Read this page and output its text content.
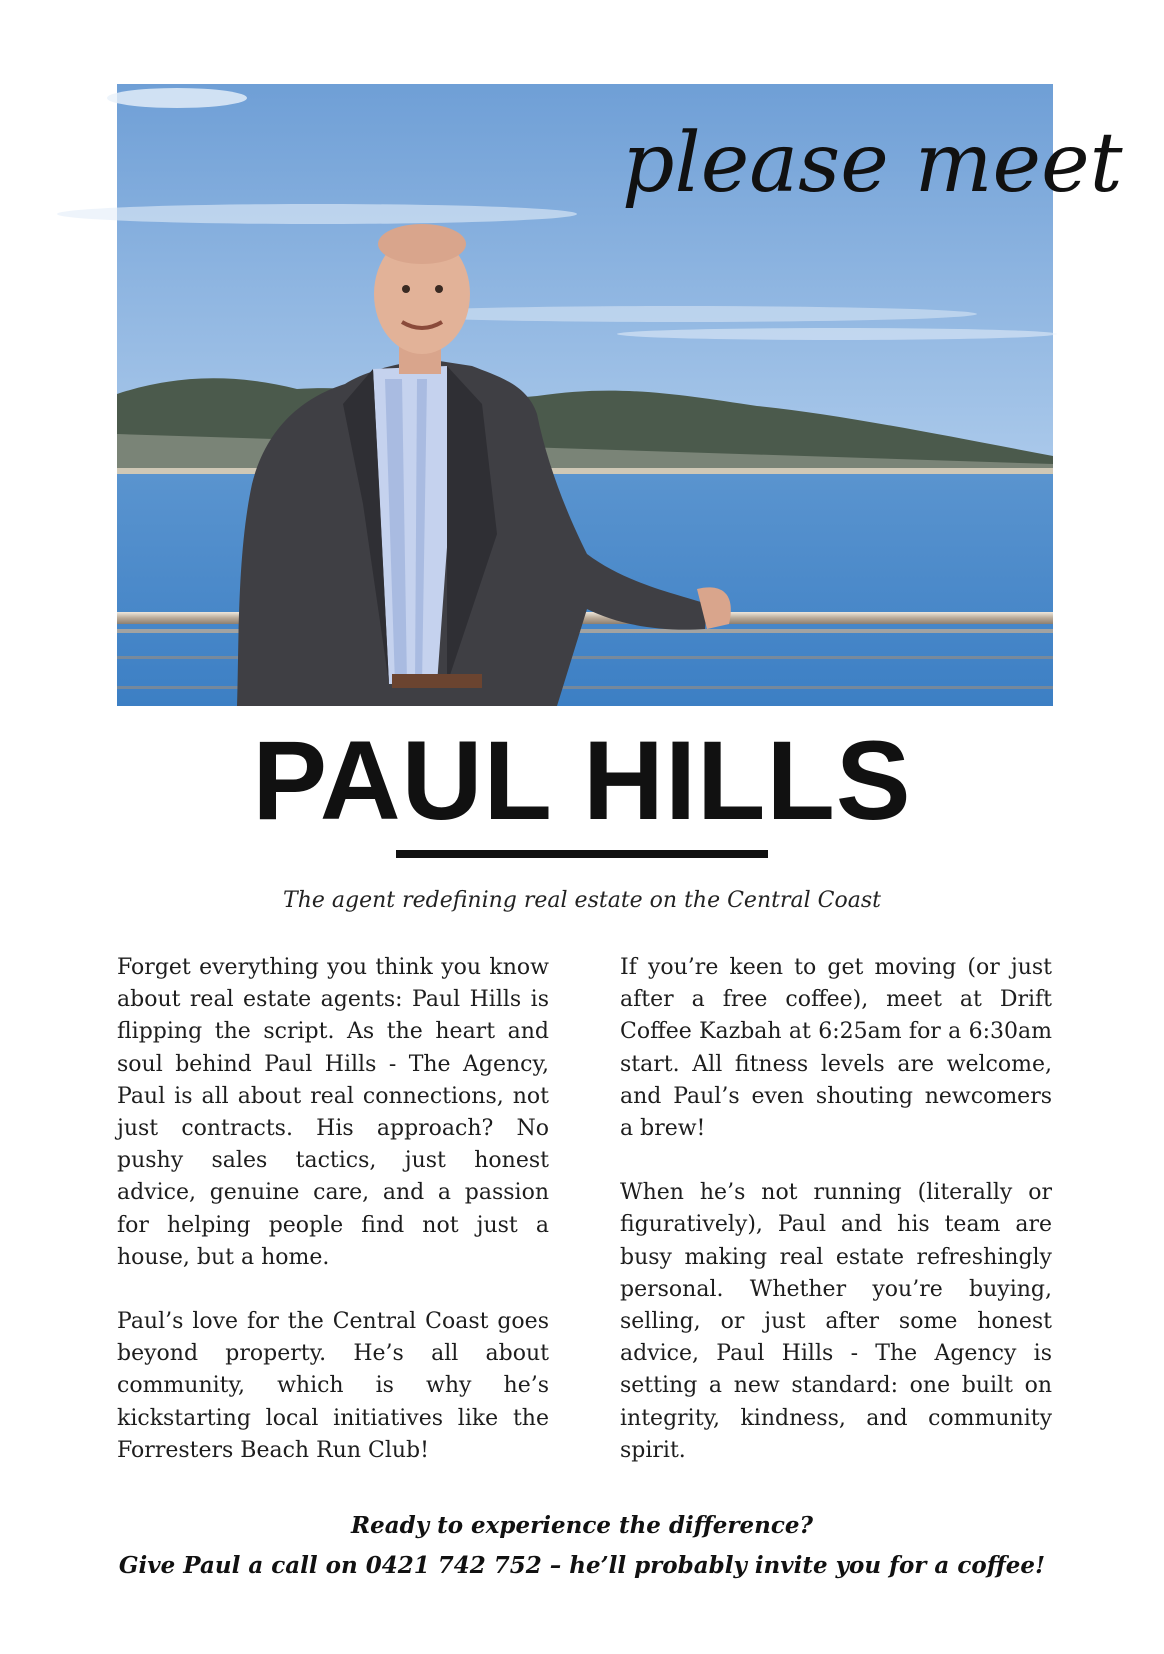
please meet
PAUL HILLS
The agent redefining real estate on the Central Coast

Forget everything you think you know about real estate agents: Paul Hills is flipping the script. As the heart and soul behind Paul Hills - The Agency, Paul is all about real connections, not just contracts. His approach? No pushy sales tactics, just honest advice, genuine care, and a passion for helping people find not just a house, but a home.

Paul’s love for the Central Coast goes beyond property. He’s all about community, which is why he’s kickstarting local initiatives like the Forresters Beach Run Club!

If you’re keen to get moving (or just after a free coffee), meet at Drift Coffee Kazbah at 6:25am for a 6:30am start. All fitness levels are welcome, and Paul’s even shouting newcomers a brew!

When he’s not running (literally or figuratively), Paul and his team are busy making real estate refreshingly personal. Whether you’re buying, selling, or just after some honest advice, Paul Hills - The Agency is setting a new standard: one built on integrity, kindness, and community spirit.

Ready to experience the difference?
Give Paul a call on 0421 742 752 – he’ll probably invite you for a coffee!
